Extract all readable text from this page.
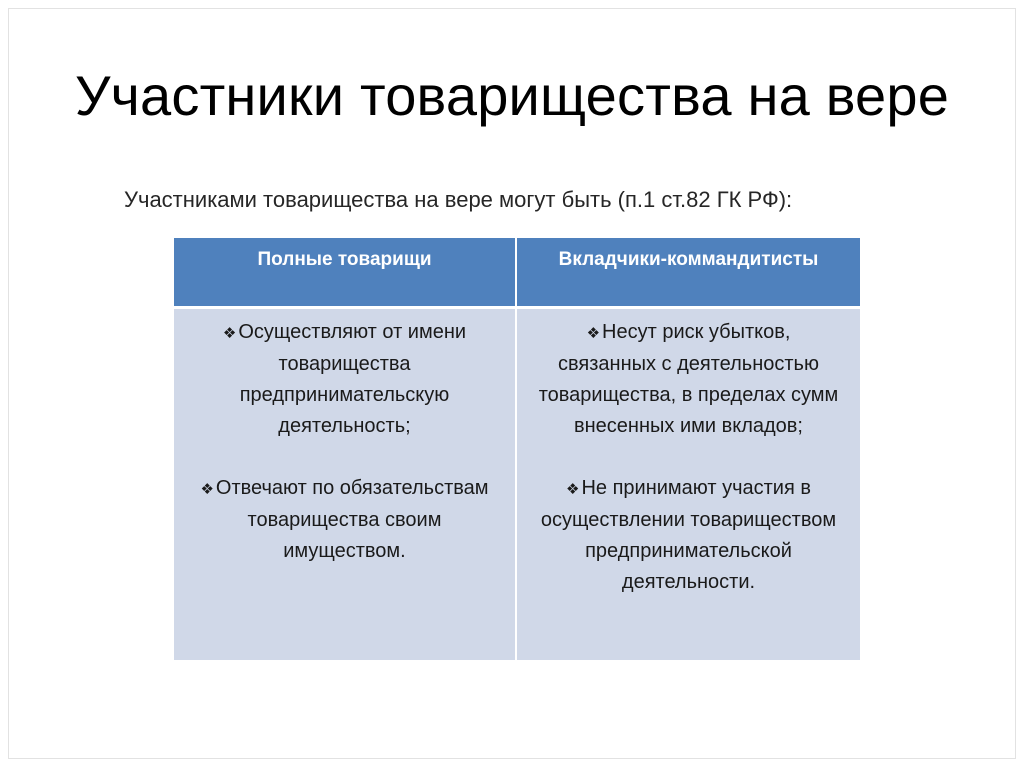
Участники товарищества на вере
Участниками товарищества на вере могут быть (п.1 ст.82 ГК РФ):
Полные товарищи	Вкладчики-коммандитисты
❖ Осуществляют от имени товарищества предпринимательскую деятельность;
❖ Отвечают по обязательствам товарищества своим имуществом.
❖ Несут риск убытков, связанных с деятельностью товарищества, в пределах сумм внесенных ими вкладов;
❖ Не принимают участия в осуществлении товариществом предпринимательской деятельности.
